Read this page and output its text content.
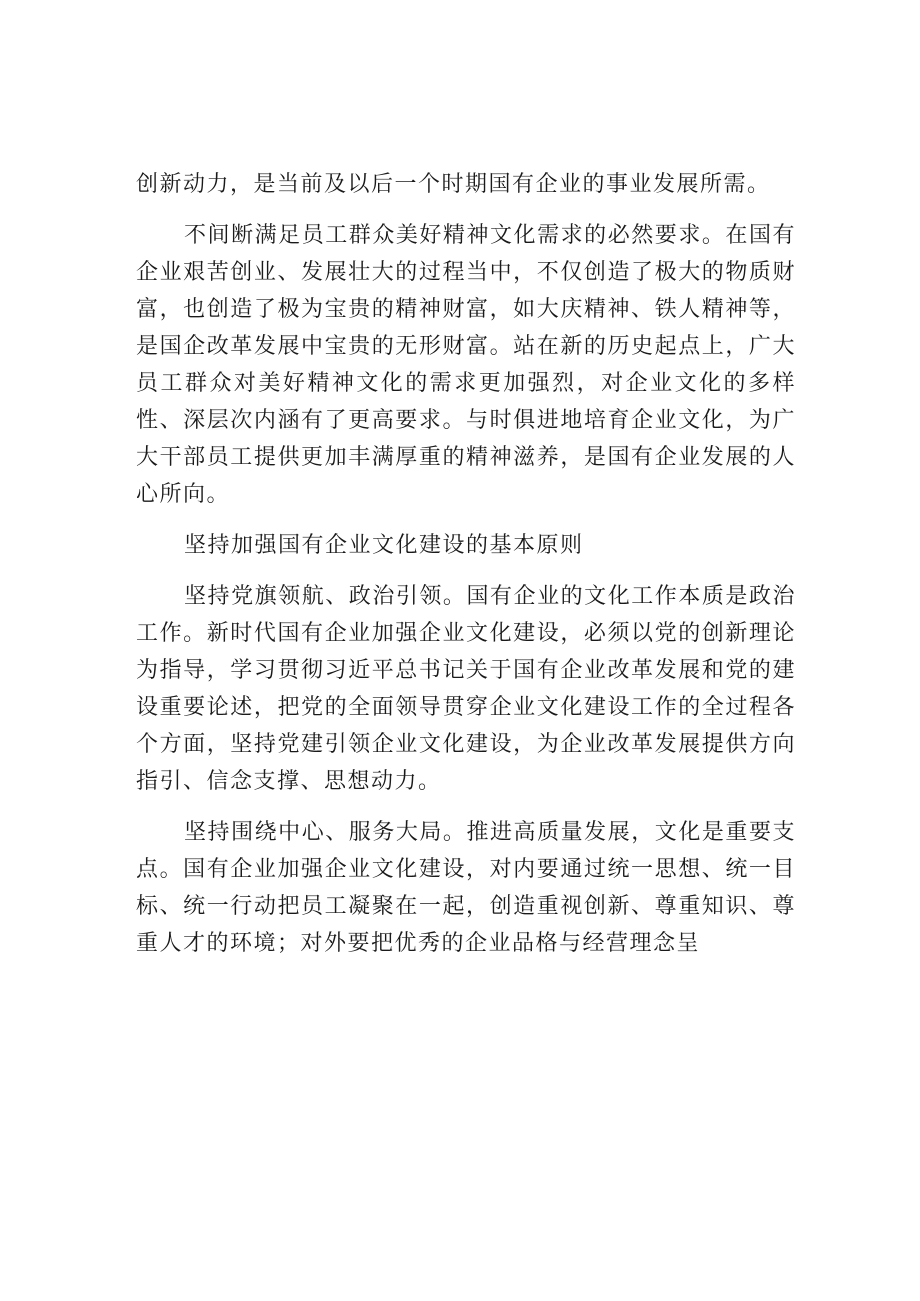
创新动力，是当前及以后一个时期国有企业的事业发展所需。

不间断满足员工群众美好精神文化需求的必然要求。在国有企业艰苦创业、发展壮大的过程当中，不仅创造了极大的物质财富，也创造了极为宝贵的精神财富，如大庆精神、铁人精神等，是国企改革发展中宝贵的无形财富。站在新的历史起点上，广大员工群众对美好精神文化的需求更加强烈，对企业文化的多样性、深层次内涵有了更高要求。与时俱进地培育企业文化，为广大干部员工提供更加丰满厚重的精神滋养，是国有企业发展的人心所向。

坚持加强国有企业文化建设的基本原则

坚持党旗领航、政治引领。国有企业的文化工作本质是政治工作。新时代国有企业加强企业文化建设，必须以党的创新理论为指导，学习贯彻习近平总书记关于国有企业改革发展和党的建设重要论述，把党的全面领导贯穿企业文化建设工作的全过程各个方面，坚持党建引领企业文化建设，为企业改革发展提供方向指引、信念支撑、思想动力。

坚持围绕中心、服务大局。推进高质量发展，文化是重要支点。国有企业加强企业文化建设，对内要通过统一思想、统一目标、统一行动把员工凝聚在一起，创造重视创新、尊重知识、尊重人才的环境；对外要把优秀的企业品格与经营理念呈
